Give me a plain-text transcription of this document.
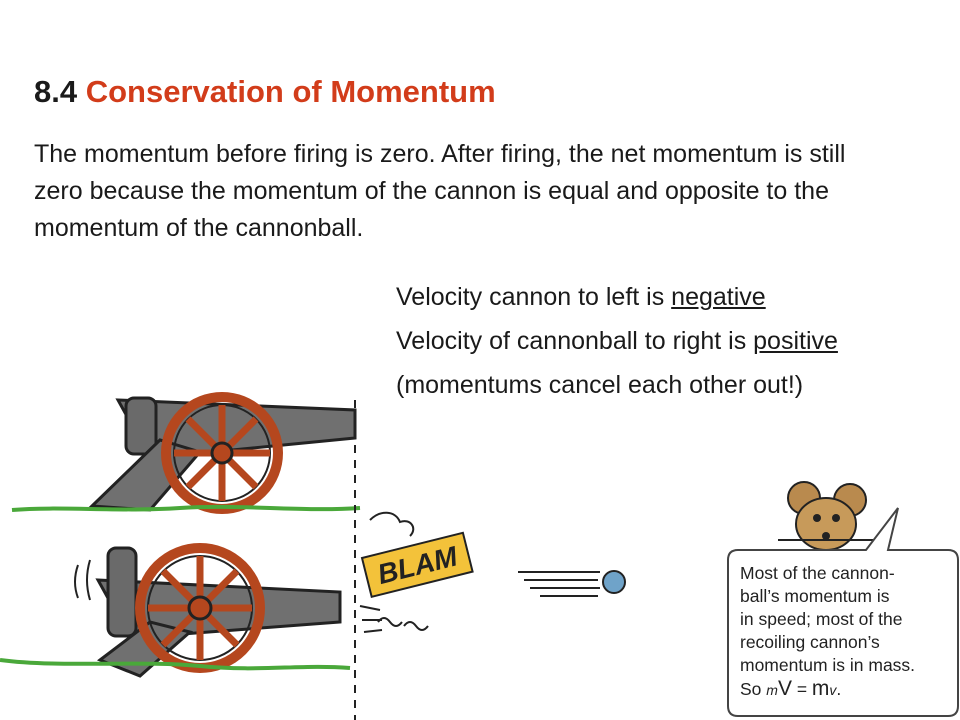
8.4 Conservation of Momentum
The momentum before firing is zero. After firing, the net momentum is still zero because the momentum of the cannon is equal and opposite to the momentum of the cannonball.

Velocity cannon to left is negative

Velocity of cannonball to right is positive

(momentums cancel each other out!)

BLAM	Most of the cannon-
ball’s momentum is
in speed; most of the
recoiling cannon’s
momentum is in mass.
So mV = mv.
